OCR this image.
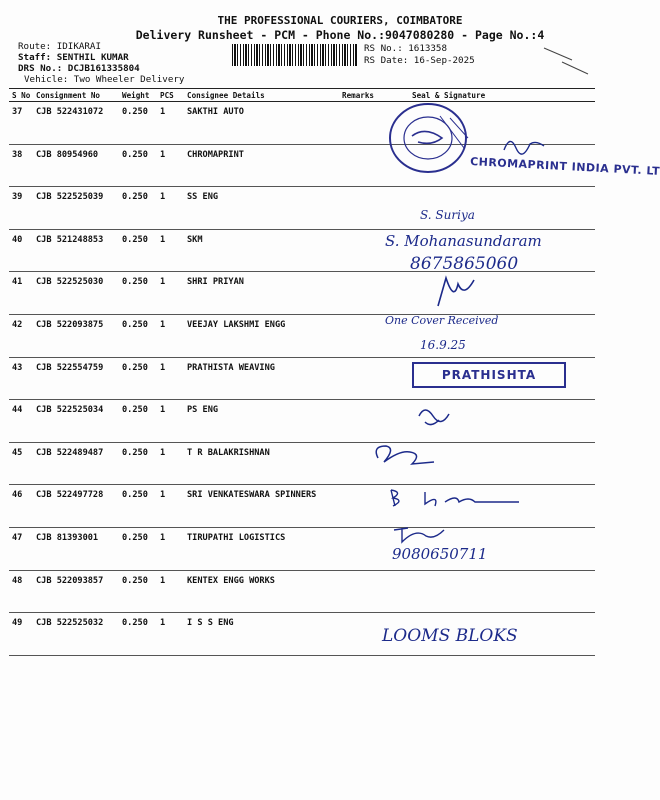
THE PROFESSIONAL COURIERS, COIMBATORE
Delivery Runsheet - PCM - Phone No.:9047080280 - Page No.:4
Route: IDIKARAI
Staff: SENTHIL KUMAR
DRS No.: DCJB161335804
Vehicle: Two Wheeler Delivery
RS No.: 1613358
RS Date: 16-Sep-2025
S No	Consignment No	Weight	PCS	Consignee Details	Remarks	Seal & Signature
37	CJB 522431072	0.250	1	SAKTHI AUTO		
38	CJB 80954960	0.250	1	CHROMAPRINT		
39	CJB 522525039	0.250	1	SS ENG		
40	CJB 521248853	0.250	1	SKM		
41	CJB 522525030	0.250	1	SHRI PRIYAN		
42	CJB 522093875	0.250	1	VEEJAY LAKSHMI ENGG		
43	CJB 522554759	0.250	1	PRATHISTA WEAVING		
44	CJB 522525034	0.250	1	PS ENG		
45	CJB 522489487	0.250	1	T R BALAKRISHNAN		
46	CJB 522497728	0.250	1	SRI VENKATESWARA SPINNERS		
47	CJB 81393001	0.250	1	TIRUPATHI LOGISTICS		
48	CJB 522093857	0.250	1	KENTEX ENGG WORKS		
49	CJB 522525032	0.250	1	I S S ENG		
CHROMAPRINT INDIA PVT. LT
S. Suriya
S. Mohanasundaram
8675865060
One Cover Received
16.9.25
PRATHISHTA
9080650711
LOOMS BLOKS
